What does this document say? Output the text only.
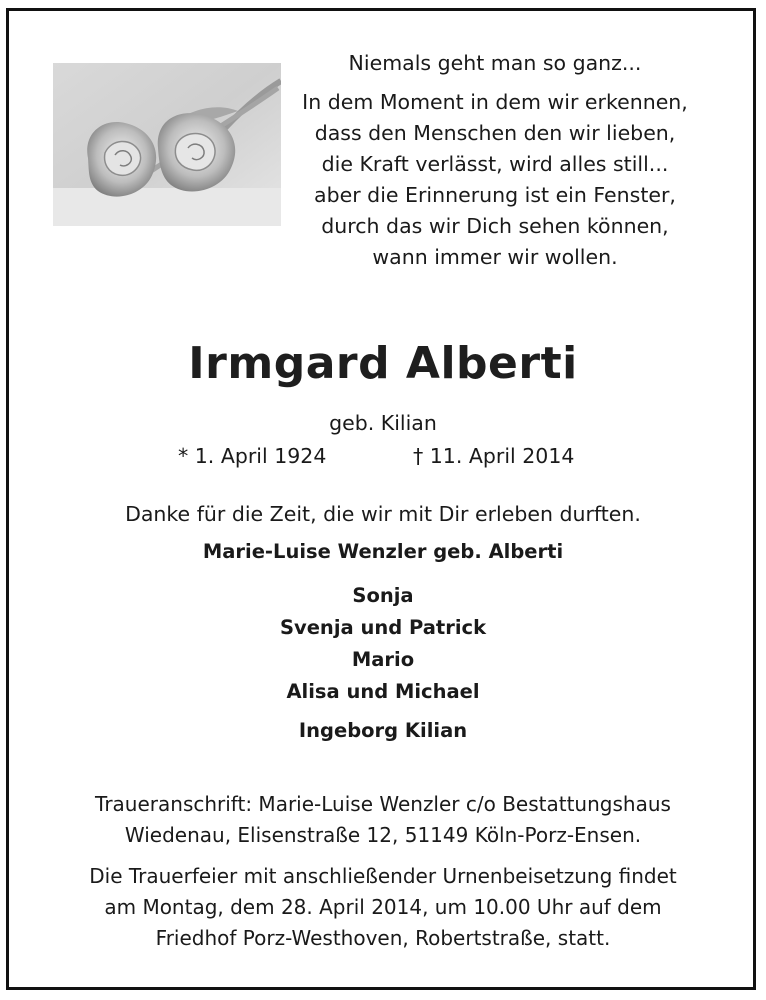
Niemals geht man so ganz...
In dem Moment in dem wir erkennen,
dass den Menschen den wir lieben,
die Kraft verlässt, wird alles still...
aber die Erinnerung ist ein Fenster,
durch das wir Dich sehen können,
wann immer wir wollen.
Irmgard Alberti
geb. Kilian
* 1. April 1924	† 11. April 2014
Danke für die Zeit, die wir mit Dir erleben durften.
Marie-Luise Wenzler geb. Alberti
Sonja
Svenja und Patrick
Mario
Alisa und Michael
Ingeborg Kilian
Traueranschrift: Marie-Luise Wenzler c/o Bestattungshaus
Wiedenau, Elisenstraße 12, 51149 Köln-Porz-Ensen.
Die Trauerfeier mit anschließender Urnenbeisetzung findet
am Montag, dem 28. April 2014, um 10.00 Uhr auf dem
Friedhof Porz-Westhoven, Robertstraße, statt.
